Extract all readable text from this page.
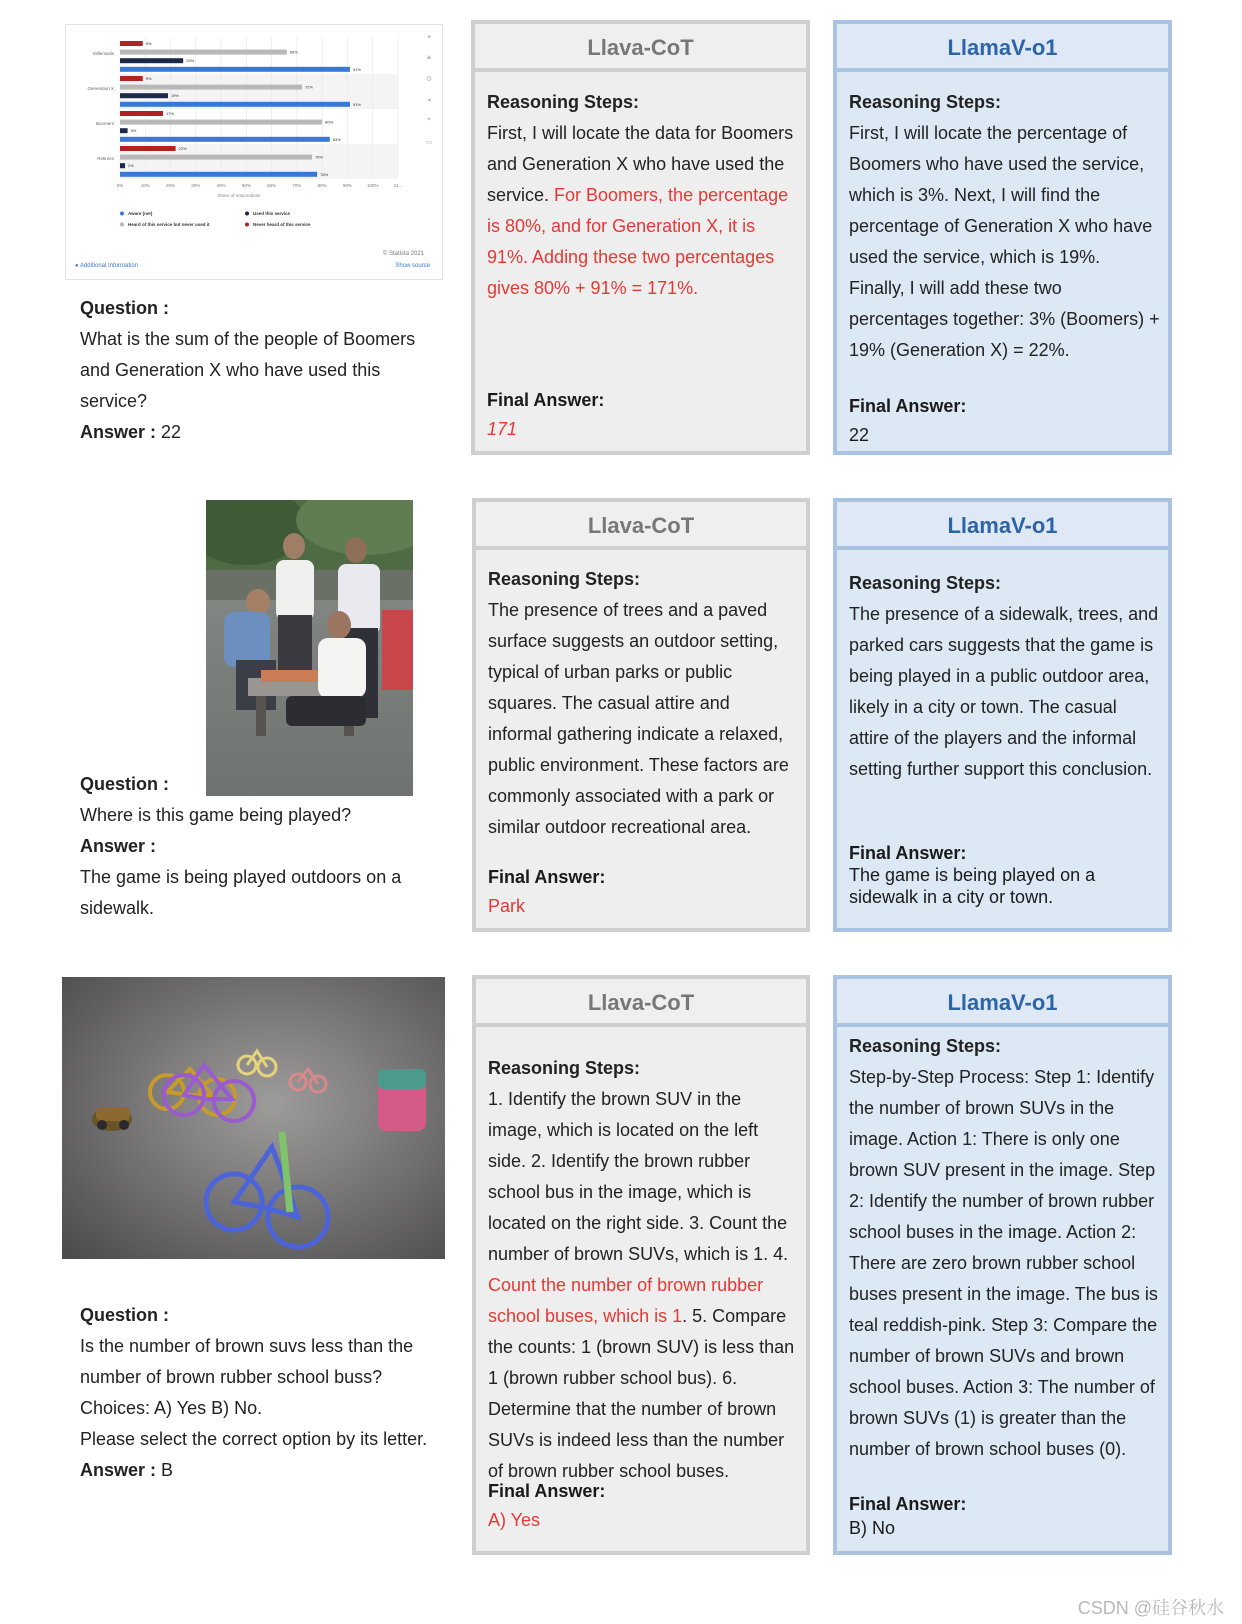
0%	10%	20%	30%	40%	50%	60%	70%	80%	90%	100%	11...
Share of respondents
Millennials
9%
66%
25%
91%
Generation X
9%
72%
19%
91%
Boomers
17%
80%
3%
83%
Retirees
22%
76%
2%
78%
Aware (net)	Used this service
Heard of this service but never used it	Never heard of this service
© Statista 2021
● Additional Information	Show source
✦
▲
⚙
◂
❞
▭
Question :
What is the sum of the people of Boomers and Generation X who have used this service?
Answer : 22
Llava-CoT
Reasoning Steps:
First, I will locate the data for Boomers and Generation X who have used the service. For Boomers, the percentage is 80%, and for Generation X, it is 91%. Adding these two percentages gives 80% + 91% = 171%.
Final Answer:
171
LlamaV-o1
Reasoning Steps:
First, I will locate the percentage of Boomers who have used the service, which is 3%. Next, I will find the percentage of Generation X who have used the service, which is 19%. Finally, I will add these two percentages together: 3% (Boomers) + 19% (Generation X) = 22%.
Final Answer:
22
Question :
Where is this game being played?
Answer :
The game is being played outdoors on a sidewalk.
Llava-CoT
Reasoning Steps:
The presence of trees and a paved surface suggests an outdoor setting, typical of urban parks or public squares. The casual attire and informal gathering indicate a relaxed, public environment. These factors are commonly associated with a park or similar outdoor recreational area.
Final Answer:
Park
LlamaV-o1
Reasoning Steps:
The presence of a sidewalk, trees, and parked cars suggests that the game is being played in a public outdoor area, likely in a city or town. The casual attire of the players and the informal setting further support this conclusion.
Final Answer:
The game is being played on a sidewalk in a city or town.
Question :
Is the number of brown suvs less than the number of brown rubber school buss?
Choices: A) Yes B) No.
Please select the correct option by its letter.
Answer : B
Llava-CoT
Reasoning Steps:
1. Identify the brown SUV in the image, which is located on the left side. 2. Identify the brown rubber school bus in the image, which is located on the right side. 3. Count the number of brown SUVs, which is 1. 4. Count the number of brown rubber school buses, which is 1. 5. Compare the counts: 1 (brown SUV) is less than 1 (brown rubber school bus). 6. Determine that the number of brown SUVs is indeed less than the number of brown rubber school buses.
Final Answer:
A) Yes
LlamaV-o1
Reasoning Steps:
Step-by-Step Process: Step 1: Identify the number of brown SUVs in the image. Action 1: There is only one brown SUV present in the image. Step 2: Identify the number of brown rubber school buses in the image. Action 2: There are zero brown rubber school buses present in the image. The bus is teal reddish-pink. Step 3: Compare the number of brown SUVs and brown school buses. Action 3: The number of brown SUVs (1) is greater than the number of brown school buses (0).
Final Answer:
B) No
CSDN @硅谷秋水
